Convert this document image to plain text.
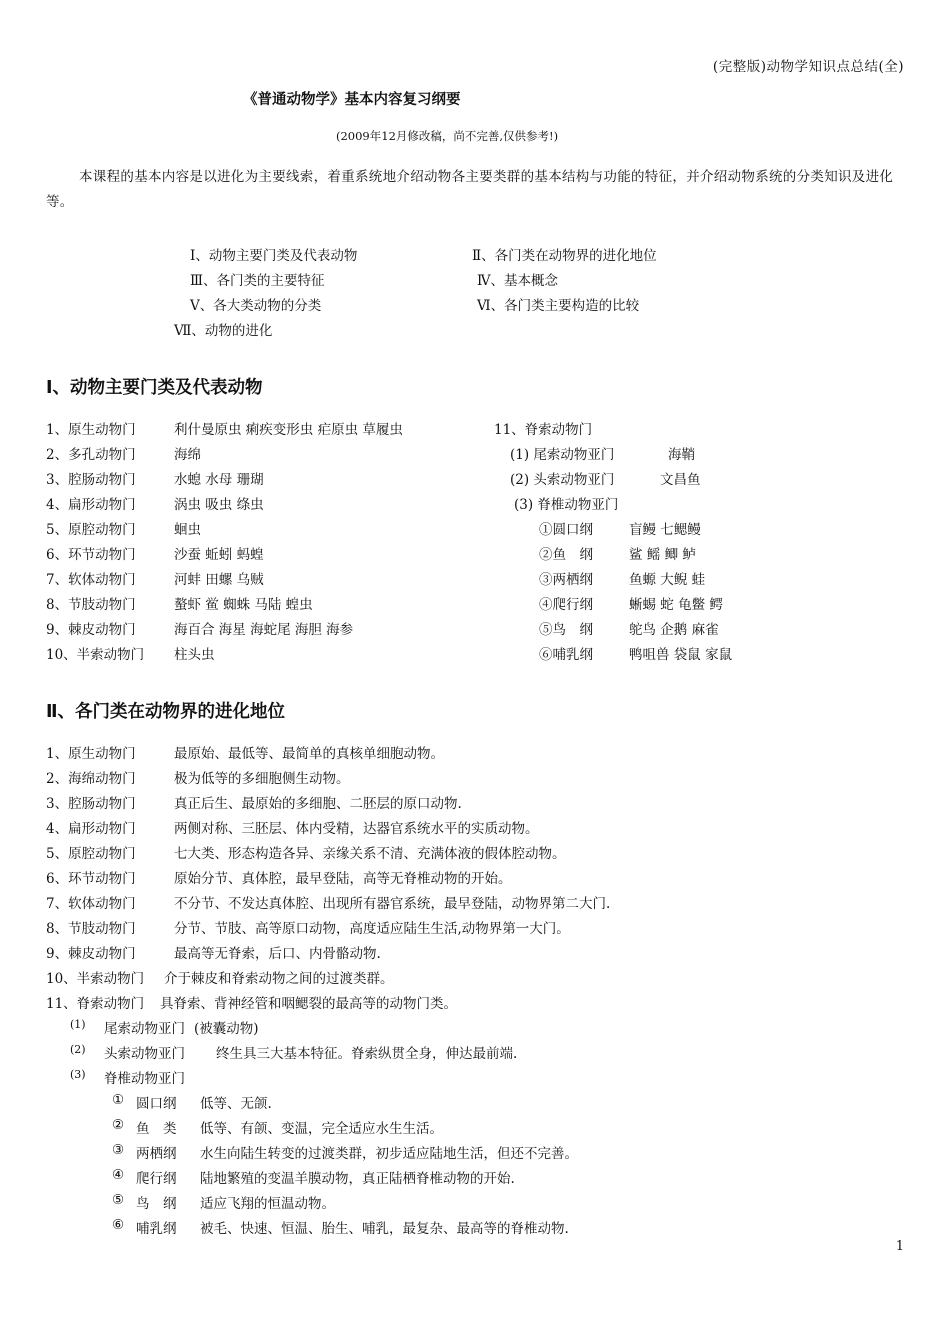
(完整版)动物学知识点总结(全)
《普通动物学》基本内容复习纲要
(2009年12月修改稿，尚不完善,仅供参考!)
本课程的基本内容是以进化为主要线索，着重系统地介绍动物各主要类群的基本结构与功能的特征，并介绍动物系统的分类知识及进化等。
Ⅰ、动物主要门类及代表动物	Ⅱ、各门类在动物界的进化地位
Ⅲ、各门类的主要特征	Ⅳ、基本概念
Ⅴ、各大类动物的分类	Ⅵ、各门类主要构造的比较
Ⅶ、动物的进化
Ⅰ、动物主要门类及代表动物
1、原生动物门	利什曼原虫 痢疾变形虫 疟原虫 草履虫
2、多孔动物门	海绵
3、腔肠动物门	水螅 水母 珊瑚
4、扁形动物门	涡虫 吸虫 绦虫
5、原腔动物门	蛔虫
6、环节动物门	沙蚕 蚯蚓 蚂蝗
7、软体动物门	河蚌 田螺 乌贼
8、节肢动物门	螯虾 鲎 蜘蛛 马陆 蝗虫
9、棘皮动物门	海百合 海星 海蛇尾 海胆 海参
10、半索动物门 柱头虫
11、脊索动物门
(1) 尾索动物亚门	海鞘
(2) 头索动物亚门	文昌鱼
(3) 脊椎动物亚门
①圆口纲	盲鳗 七鳃鳗
②鱼　纲	鲨 鳐 鲫 鲈
③两栖纲	鱼螈 大鲵 蛙
④爬行纲	蜥蜴 蛇 龟鳖 鳄
⑤鸟　纲	鸵鸟 企鹅 麻雀
⑥哺乳纲	鸭咀兽 袋鼠 家鼠
Ⅱ、各门类在动物界的进化地位
1、原生动物门	最原始、最低等、最简单的真核单细胞动物。
2、海绵动物门	极为低等的多细胞侧生动物。
3、腔肠动物门	真正后生、最原始的多细胞、二胚层的原口动物.
4、扁形动物门	两侧对称、三胚层、体内受精，达器官系统水平的实质动物。
5、原腔动物门	七大类、形态构造各异、亲缘关系不清、充满体液的假体腔动物。
6、环节动物门	原始分节、真体腔，最早登陆，高等无脊椎动物的开始。
7、软体动物门	不分节、不发达真体腔、出现所有器官系统，最早登陆，动物界第二大门.
8、节肢动物门	分节、节肢、高等原口动物，高度适应陆生生活,动物界第一大门。
9、棘皮动物门	最高等无脊索，后口、内骨骼动物.
10、半索动物门 介于棘皮和脊索动物之间的过渡类群。
11、脊索动物门 具脊索、背神经管和咽鳃裂的最高等的动物门类。
(1) 尾索动物亚门 (被囊动物)
(2) 头索动物亚门 终生具三大基本特征。脊索纵贯全身，伸达最前端.
(3) 脊椎动物亚门
① 圆口纲 低等、无颌.
② 鱼　类 低等、有颌、变温，完全适应水生生活。
③ 两栖纲 水生向陆生转变的过渡类群，初步适应陆地生活，但还不完善。
④ 爬行纲 陆地繁殖的变温羊膜动物，真正陆栖脊椎动物的开始.
⑤ 鸟　纲 适应飞翔的恒温动物。
⑥ 哺乳纲 被毛、快速、恒温、胎生、哺乳，最复杂、最高等的脊椎动物.
1
